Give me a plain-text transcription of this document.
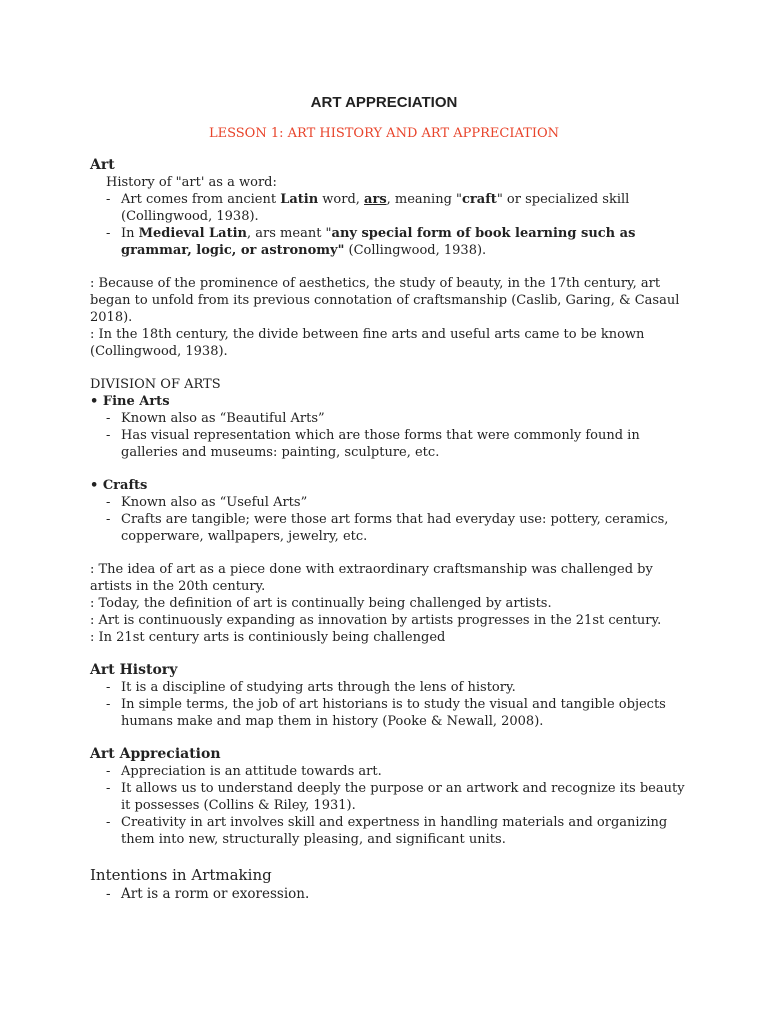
ART APPRECIATION
LESSON 1: ART HISTORY AND ART APPRECIATION
Art
History of "art' as a word:
- Art comes from ancient Latin word, ars, meaning "craft" or specialized skill (Collingwood, 1938).
- In Medieval Latin, ars meant "any special form of book learning such as grammar, logic, or astronomy" (Collingwood, 1938).
: Because of the prominence of aesthetics, the study of beauty, in the 17th century, art began to unfold from its previous connotation of craftsmanship (Caslib, Garing, & Casaul 2018).
: In the 18th century, the divide between fine arts and useful arts came to be known (Collingwood, 1938).
DIVISION OF ARTS
• Fine Arts
- Known also as “Beautiful Arts”
- Has visual representation which are those forms that were commonly found in galleries and museums: painting, sculpture, etc.
• Crafts
- Known also as “Useful Arts”
- Crafts are tangible; were those art forms that had everyday use: pottery, ceramics, copperware, wallpapers, jewelry, etc.
: The idea of art as a piece done with extraordinary craftsmanship was challenged by artists in the 20th century.
: Today, the definition of art is continually being challenged by artists.
: Art is continuously expanding as innovation by artists progresses in the 21st century.
: In 21st century arts is continiously being challenged
Art History
- It is a discipline of studying arts through the lens of history.
- In simple terms, the job of art historians is to study the visual and tangible objects humans make and map them in history (Pooke & Newall, 2008).
Art Appreciation
- Appreciation is an attitude towards art.
- It allows us to understand deeply the purpose or an artwork and recognize its beauty it possesses (Collins & Riley, 1931).
- Creativity in art involves skill and expertness in handling materials and organizing them into new, structurally pleasing, and significant units.
Intentions in Artmaking
- Art is a rorm or exoression.
